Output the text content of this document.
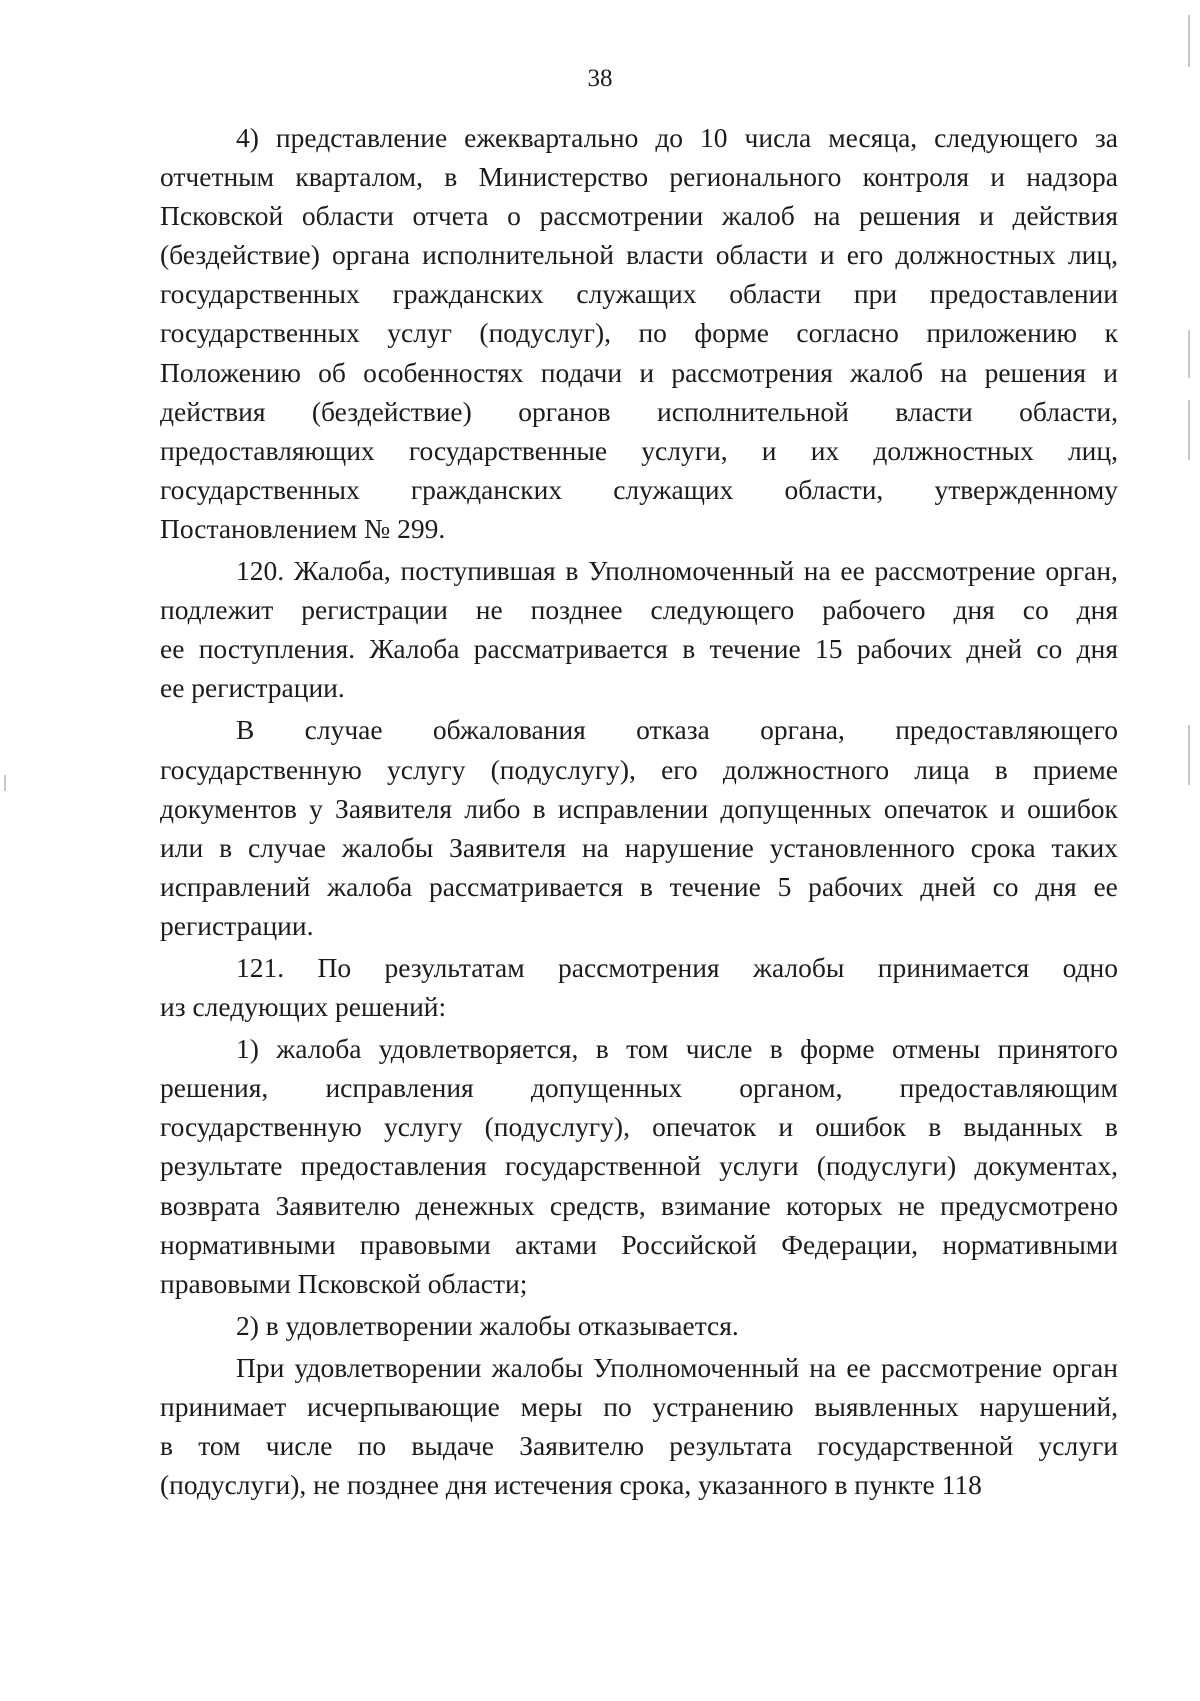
38
4) представление ежеквартально до 10 числа месяца, следующего за
отчетным кварталом, в Министерство регионального контроля и надзора
Псковской области отчета о рассмотрении жалоб на решения и действия
(бездействие) органа исполнительной власти области и его должностных лиц,
государственных гражданских служащих области при предоставлении
государственных услуг (подуслуг), по форме согласно приложению к
Положению об особенностях подачи и рассмотрения жалоб на решения и
действия (бездействие) органов исполнительной власти области,
предоставляющих государственные услуги, и их должностных лиц,
государственных гражданских служащих области, утвержденному
Постановлением № 299.
120. Жалоба, поступившая в Уполномоченный на ее рассмотрение орган,
подлежит регистрации не позднее следующего рабочего дня со дня
ее поступления. Жалоба рассматривается в течение 15 рабочих дней со дня
ее регистрации.
В случае обжалования отказа органа, предоставляющего
государственную услугу (подуслугу), его должностного лица в приеме
документов у Заявителя либо в исправлении допущенных опечаток и ошибок
или в случае жалобы Заявителя на нарушение установленного срока таких
исправлений жалоба рассматривается в течение 5 рабочих дней со дня ее
регистрации.
121. По результатам рассмотрения жалобы принимается одно
из следующих решений:
1) жалоба удовлетворяется, в том числе в форме отмены принятого
решения, исправления допущенных органом, предоставляющим
государственную услугу (подуслугу), опечаток и ошибок в выданных в
результате предоставления государственной услуги (подуслуги) документах,
возврата Заявителю денежных средств, взимание которых не предусмотрено
нормативными правовыми актами Российской Федерации, нормативными
правовыми Псковской области;
2) в удовлетворении жалобы отказывается.
При удовлетворении жалобы Уполномоченный на ее рассмотрение орган
принимает исчерпывающие меры по устранению выявленных нарушений,
в том числе по выдаче Заявителю результата государственной услуги
(подуслуги), не позднее дня истечения срока, указанного в пункте 118
